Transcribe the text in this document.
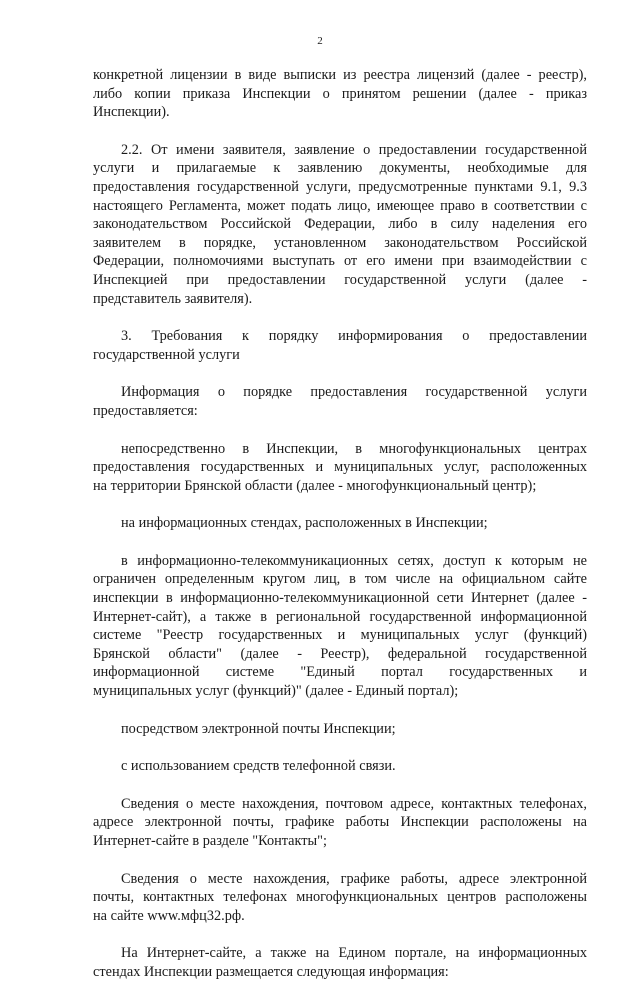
2
конкретной лицензии в виде выписки из реестра лицензий (далее - реестр),
либо копии приказа Инспекции о принятом решении (далее - приказ
Инспекции).
2.2. От имени заявителя, заявление о предоставлении государственной
услуги и прилагаемые к заявлению документы, необходимые для
предоставления государственной услуги, предусмотренные пунктами 9.1, 9.3
настоящего Регламента, может подать лицо, имеющее право в соответствии с
законодательством Российской Федерации, либо в силу наделения его
заявителем в порядке, установленном законодательством Российской
Федерации, полномочиями выступать от его имени при взаимодействии с
Инспекцией при предоставлении государственной услуги (далее -
представитель заявителя).
3. Требования к порядку информирования о предоставлении
государственной услуги
Информация о порядке предоставления государственной услуги
предоставляется:
непосредственно в Инспекции, в многофункциональных центрах
предоставления государственных и муниципальных услуг, расположенных
на территории Брянской области (далее - многофункциональный центр);
на информационных стендах, расположенных в Инспекции;
в информационно-телекоммуникационных сетях, доступ к которым не
ограничен определенным кругом лиц, в том числе на официальном сайте
инспекции в информационно-телекоммуникационной сети Интернет (далее -
Интернет-сайт), а также в региональной государственной информационной
системе "Реестр государственных и муниципальных услуг (функций)
Брянской области" (далее - Реестр), федеральной государственной
информационной системе "Единый портал государственных и
муниципальных услуг (функций)" (далее - Единый портал);
посредством электронной почты Инспекции;
с использованием средств телефонной связи.
Сведения о месте нахождения, почтовом адресе, контактных телефонах,
адресе электронной почты, графике работы Инспекции расположены на
Интернет-сайте в разделе "Контакты";
Сведения о месте нахождения, графике работы, адресе электронной
почты, контактных телефонах многофункциональных центров расположены
на сайте www.мфц32.рф.
На Интернет-сайте, а также на Едином портале, на информационных
стендах Инспекции размещается следующая информация:
